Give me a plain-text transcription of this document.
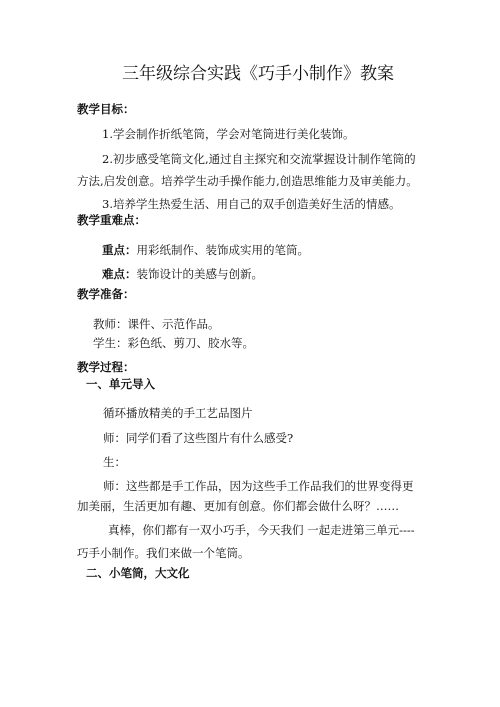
三年级综合实践《巧手小制作》教案
教学目标：
1.学会制作折纸笔筒，学会对笔筒进行美化装饰。
2.初步感受笔筒文化,通过自主探究和交流掌握设计制作笔筒的
方法,启发创意。培养学生动手操作能力,创造思维能力及审美能力。
3.培养学生热爱生活、用自己的双手创造美好生活的情感。
教学重难点：
重点：用彩纸制作、装饰成实用的笔筒。
难点：装饰设计的美感与创新。
教学准备：
教师：课件、示范作品。
学生：彩色纸、剪刀、胶水等。
教学过程：
一、单元导入
循环播放精美的手工艺品图片
师：同学们看了这些图片有什么感受?
生：
师：这些都是手工作品，因为这些手工作品我们的世界变得更
加美丽，生活更加有趣、更加有创意。你们都会做什么呀？……
真棒，你们都有一双小巧手，今天我们 一起走进第三单元----
巧手小制作。我们来做一个笔筒。
二、小笔筒，大文化
